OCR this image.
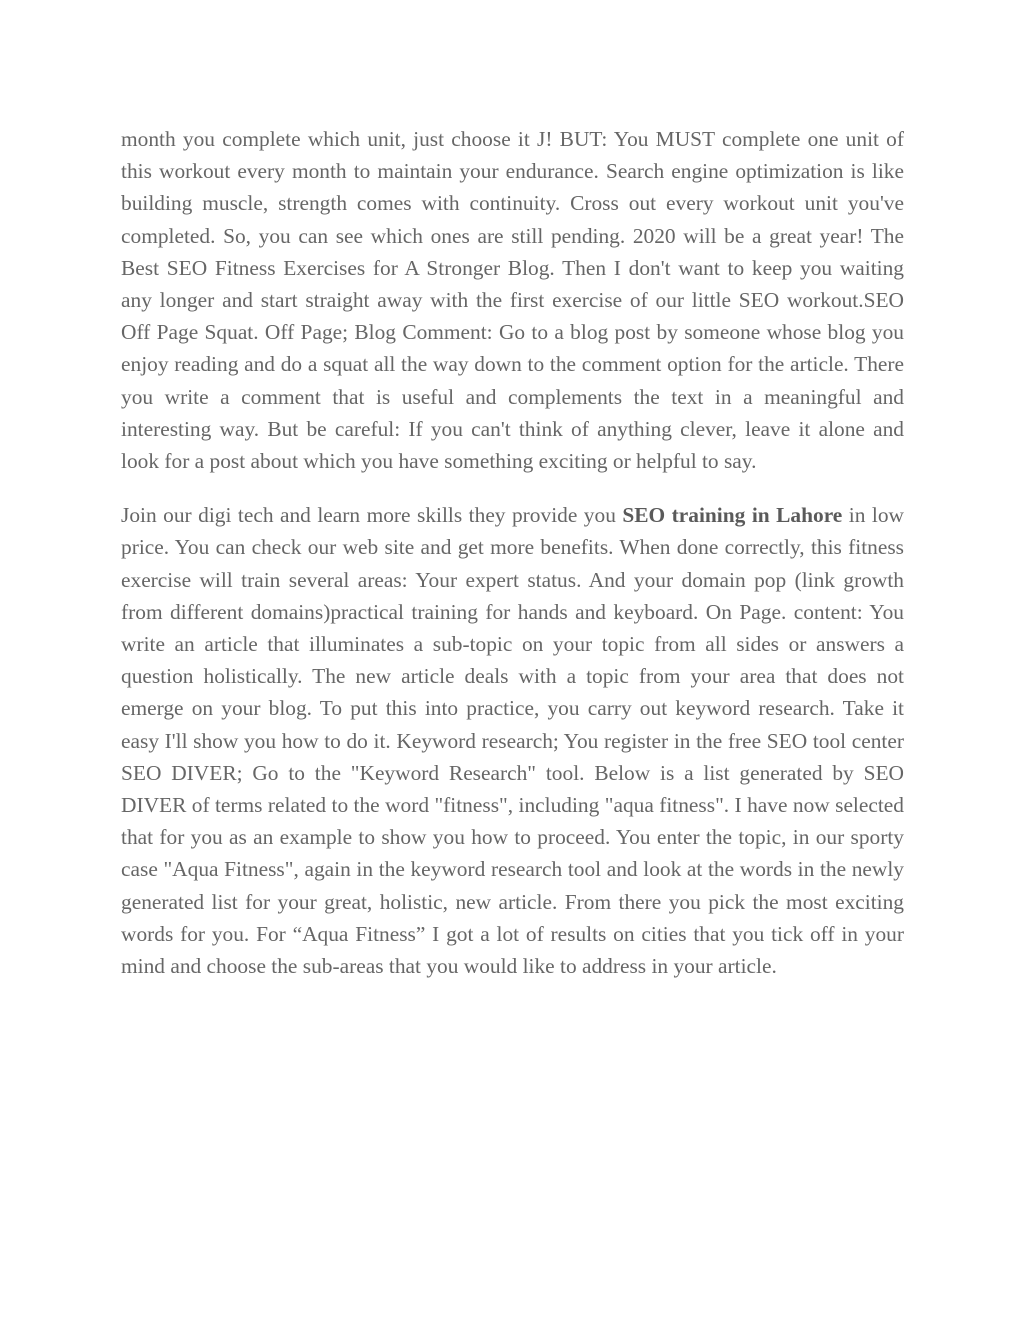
month you complete which unit, just choose it J! BUT: You MUST complete one unit of this workout every month to maintain your endurance. Search engine optimization is like building muscle, strength comes with continuity. Cross out every workout unit you've completed. So, you can see which ones are still pending. 2020 will be a great year! The Best SEO Fitness Exercises for A Stronger Blog. Then I don't want to keep you waiting any longer and start straight away with the first exercise of our little SEO workout.SEO Off Page Squat. Off Page; Blog Comment: Go to a blog post by someone whose blog you enjoy reading and do a squat all the way down to the comment option for the article. There you write a comment that is useful and complements the text in a meaningful and interesting way. But be careful: If you can't think of anything clever, leave it alone and look for a post about which you have something exciting or helpful to say.

Join our digi tech and learn more skills they provide you SEO training in Lahore in low price. You can check our web site and get more benefits. When done correctly, this fitness exercise will train several areas: Your expert status. And your domain pop (link growth from different domains)practical training for hands and keyboard. On Page. content: You write an article that illuminates a sub-topic on your topic from all sides or answers a question holistically. The new article deals with a topic from your area that does not emerge on your blog. To put this into practice, you carry out keyword research. Take it easy I'll show you how to do it. Keyword research; You register in the free SEO tool center SEO DIVER; Go to the "Keyword Research" tool. Below is a list generated by SEO DIVER of terms related to the word "fitness", including "aqua fitness". I have now selected that for you as an example to show you how to proceed. You enter the topic, in our sporty case "Aqua Fitness", again in the keyword research tool and look at the words in the newly generated list for your great, holistic, new article. From there you pick the most exciting words for you. For “Aqua Fitness” I got a lot of results on cities that you tick off in your mind and choose the sub-areas that you would like to address in your article.
